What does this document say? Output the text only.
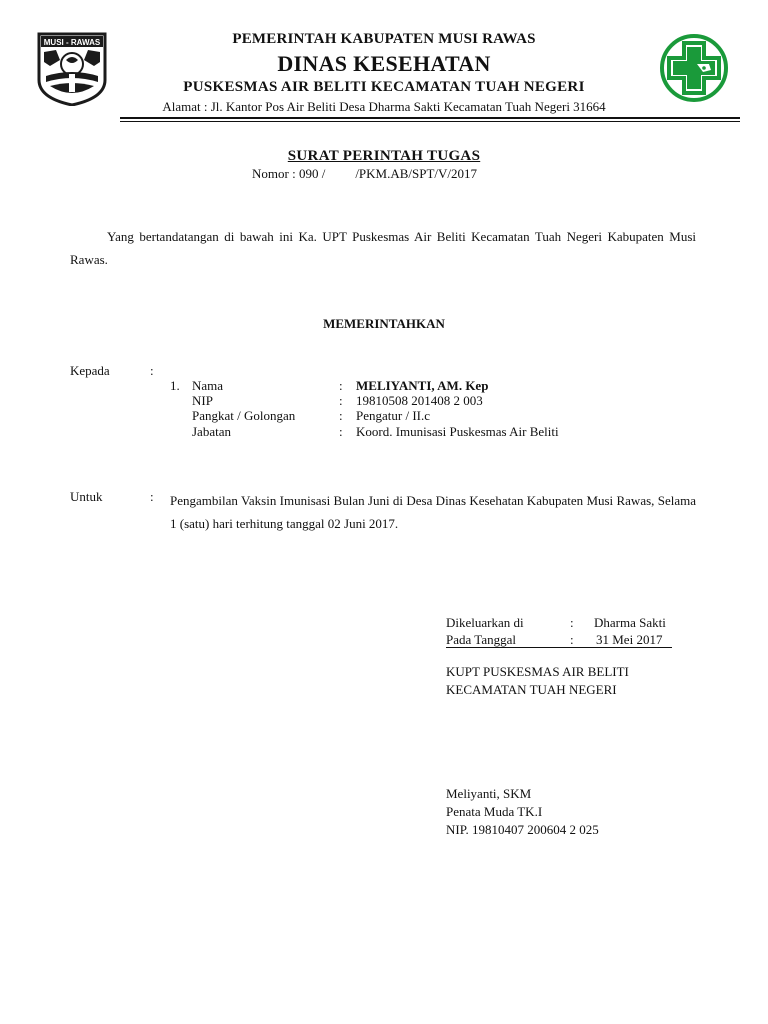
MUSI - RAWAS	PEMERINTAH KABUPATEN MUSI RAWAS
DINAS KESEHATAN
PUSKESMAS AIR BELITI KECAMATAN TUAH NEGERI
Alamat : Jl. Kantor Pos Air Beliti Desa Dharma Sakti Kecamatan Tuah Negeri 31664
SURAT PERINTAH TUGAS
Nomor : 090 / /PKM.AB/SPT/V/2017
Yang bertandatangan di bawah ini Ka. UPT Puskesmas Air Beliti Kecamatan Tuah Negeri Kabupaten Musi Rawas.
MEMERINTAHKAN
Kepada	:
1. Nama	: MELIYANTI, AM. Kep
NIP	: 19810508 201408 2 003
Pangkat / Golongan	: Pengatur / II.c
Jabatan	: Koord. Imunisasi Puskesmas Air Beliti
Untuk	: Pengambilan Vaksin Imunisasi Bulan Juni di Desa Dinas Kesehatan Kabupaten Musi Rawas, Selama 1 (satu) hari terhitung tanggal 02 Juni 2017.
Dikeluarkan di	: Dharma Sakti
Pada Tanggal	: 31 Mei 2017
KUPT PUSKESMAS AIR BELITI
KECAMATAN TUAH NEGERI
Meliyanti, SKM
Penata Muda TK.I
NIP. 19810407 200604 2 025
